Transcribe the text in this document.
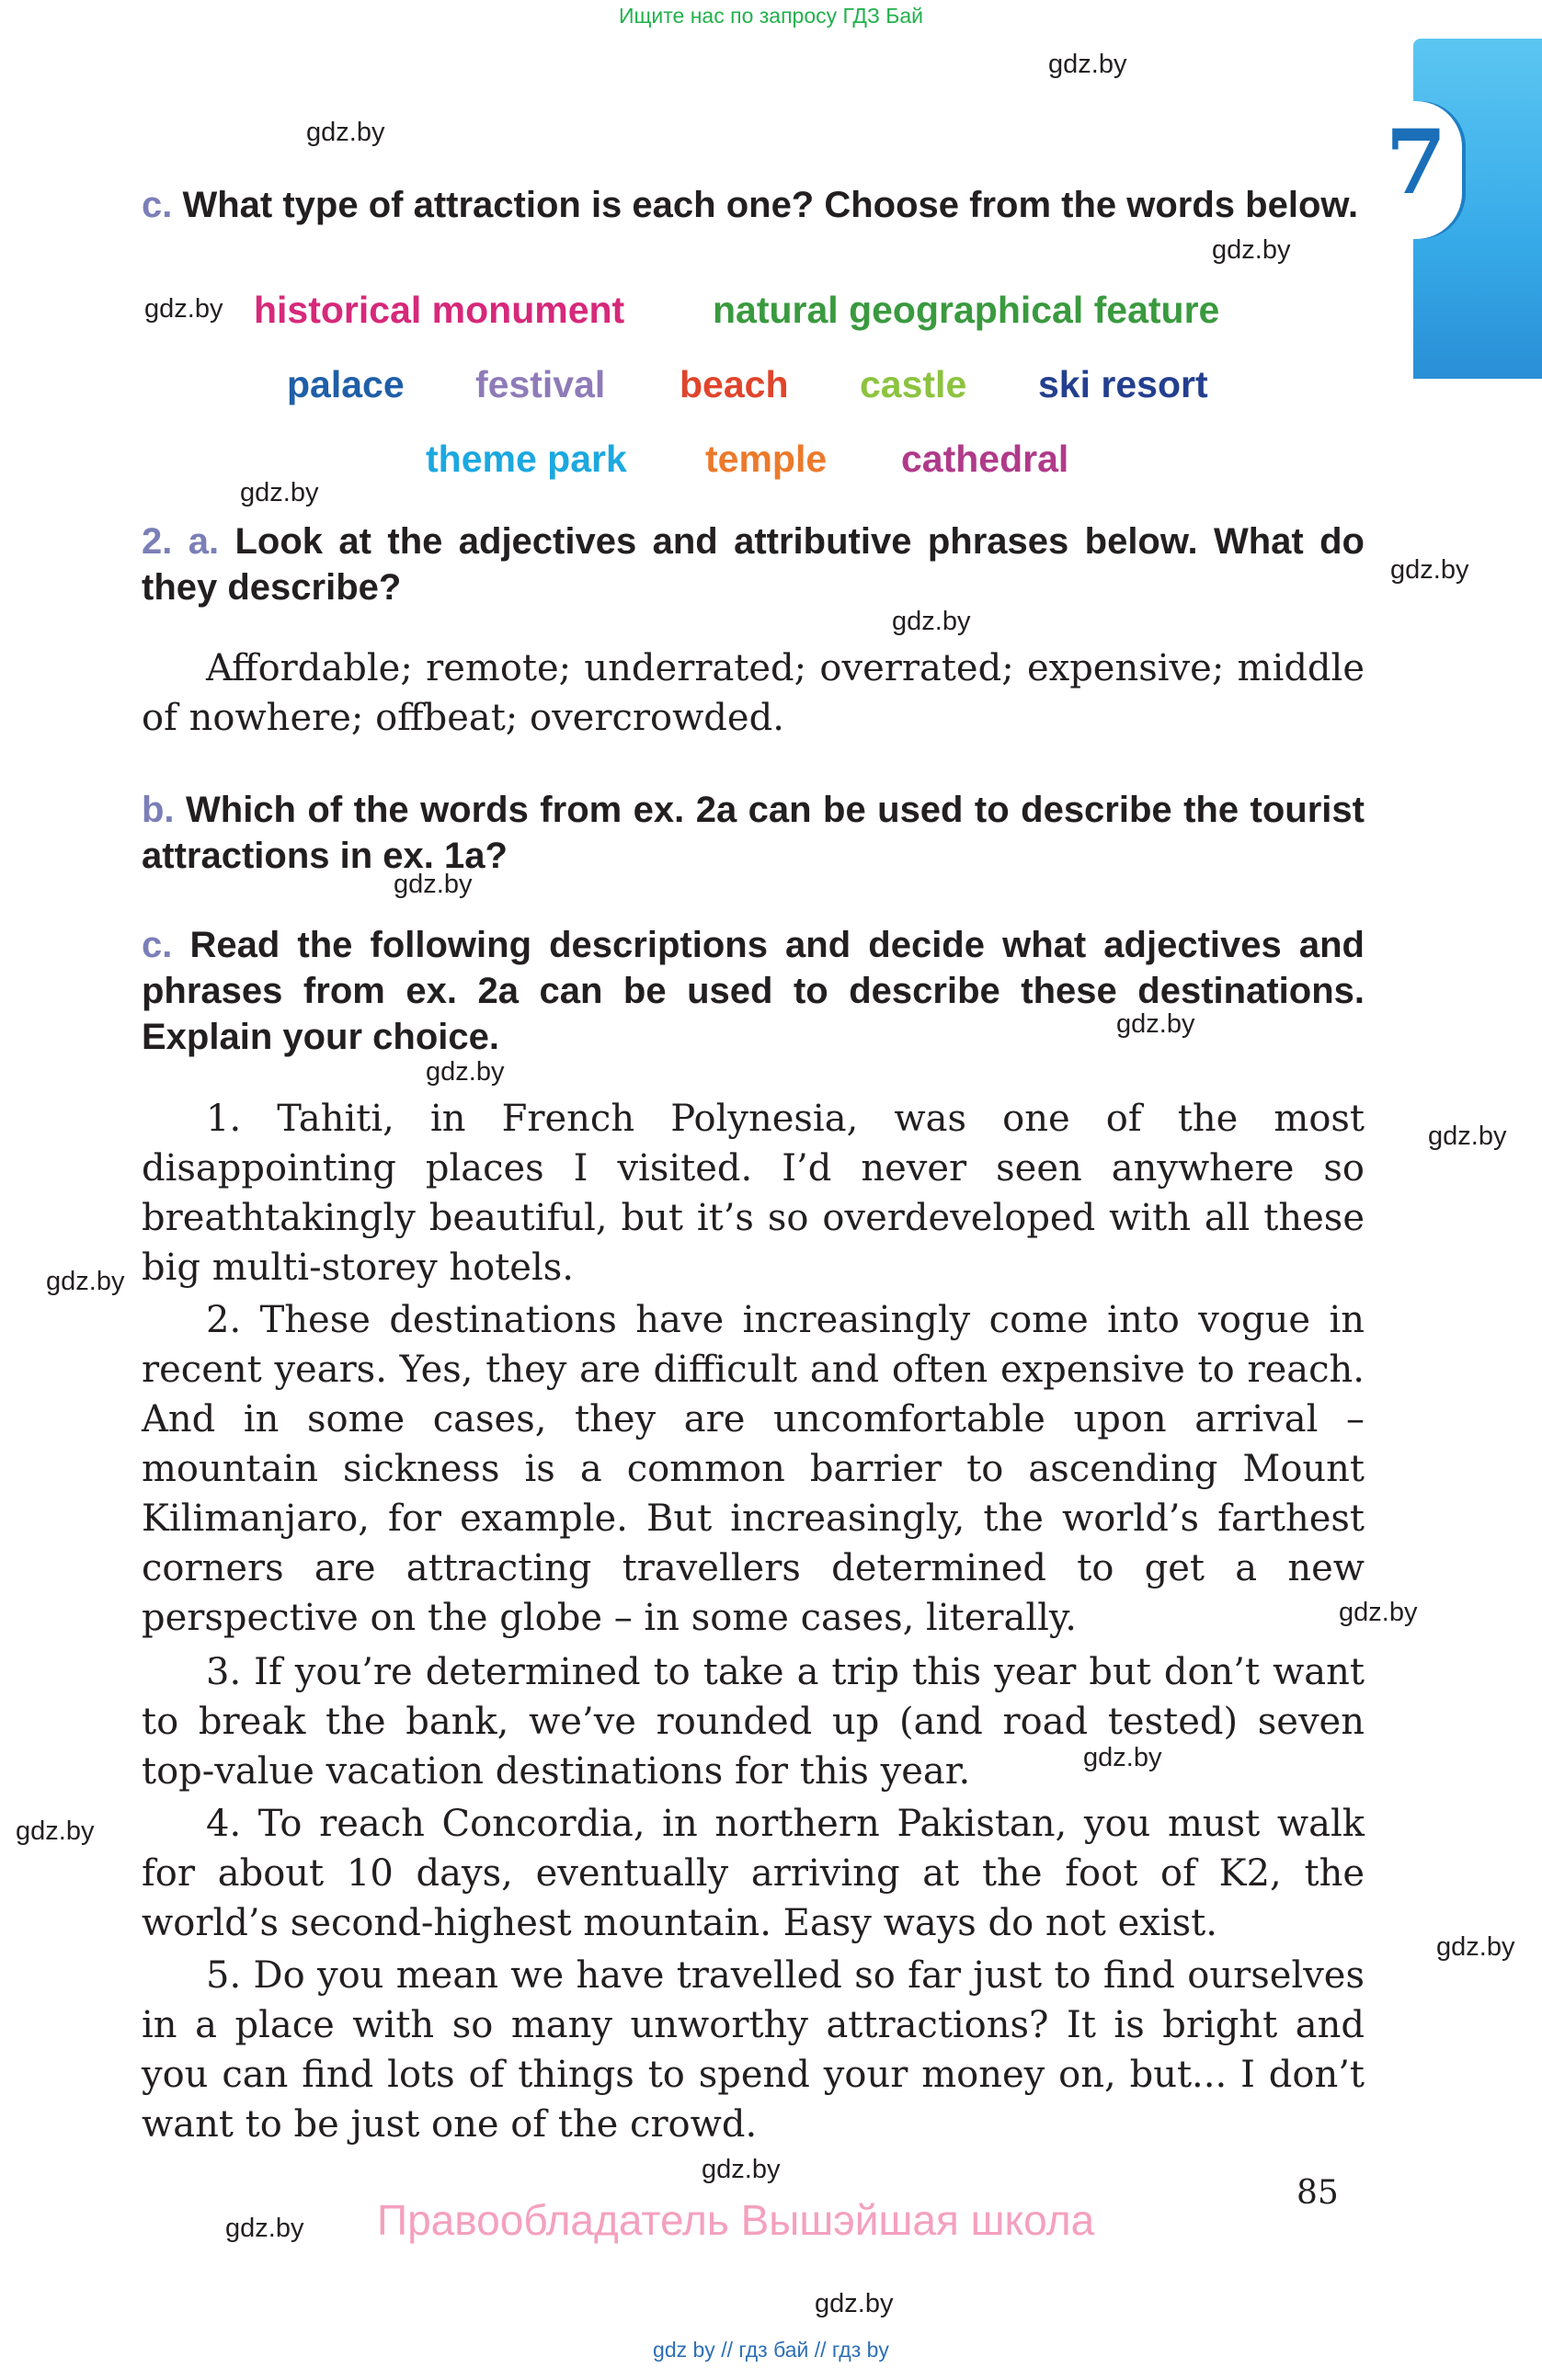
Ищите нас по запросу ГДЗ Бай
7
gdz.by
gdz.by
gdz.by
gdz.by
gdz.by
gdz.by
gdz.by
gdz.by
gdz.by
gdz.by
gdz.by
gdz.by
gdz.by
gdz.by
gdz.by
gdz.by
gdz.by
gdz.by
gdz.by
c. What type of attraction is each one? Choose from the words below.
historical monument natural geographical feature
palace festival beach castle ski resort
theme park temple cathedral
2. a. Look at the adjectives and attributive phrases below. What do they describe?
Affordable; remote; underrated; overrated; expensive; middle of nowhere; offbeat; overcrowded.
b. Which of the words from ex. 2a can be used to describe the tourist attractions in ex. 1a?
c. Read the following descriptions and decide what adjectives and phrases from ex. 2a can be used to describe these destinations. Explain your choice.
1. Tahiti, in French Polynesia, was one of the most disappointing places I visited. I’d never seen anywhere so breathtakingly beautiful, but it’s so overdeveloped with all these big multi-storey hotels.
2. These destinations have increasingly come into vogue in recent years. Yes, they are difficult and often expensive to reach. And in some cases, they are uncomfortable upon arrival – mountain sickness is a common barrier to ascending Mount Kilimanjaro, for example. But increasingly, the world’s farthest corners are attracting travellers determined to get a new perspective on the globe – in some cases, literally.
3. If you’re determined to take a trip this year but don’t want to break the bank, we’ve rounded up (and road tested) seven top-value vacation destinations for this year.
4. To reach Concordia, in northern Pakistan, you must walk for about 10 days, eventually arriving at the foot of K2, the world’s second-highest mountain. Easy ways do not exist.
5. Do you mean we have travelled so far just to find ourselves in a place with so many unworthy attractions? It is bright and you can find lots of things to spend your money on, but... I don’t want to be just one of the crowd.
85
Правообладатель Вышэйшая школа
gdz by // гдз бай // гдз by
